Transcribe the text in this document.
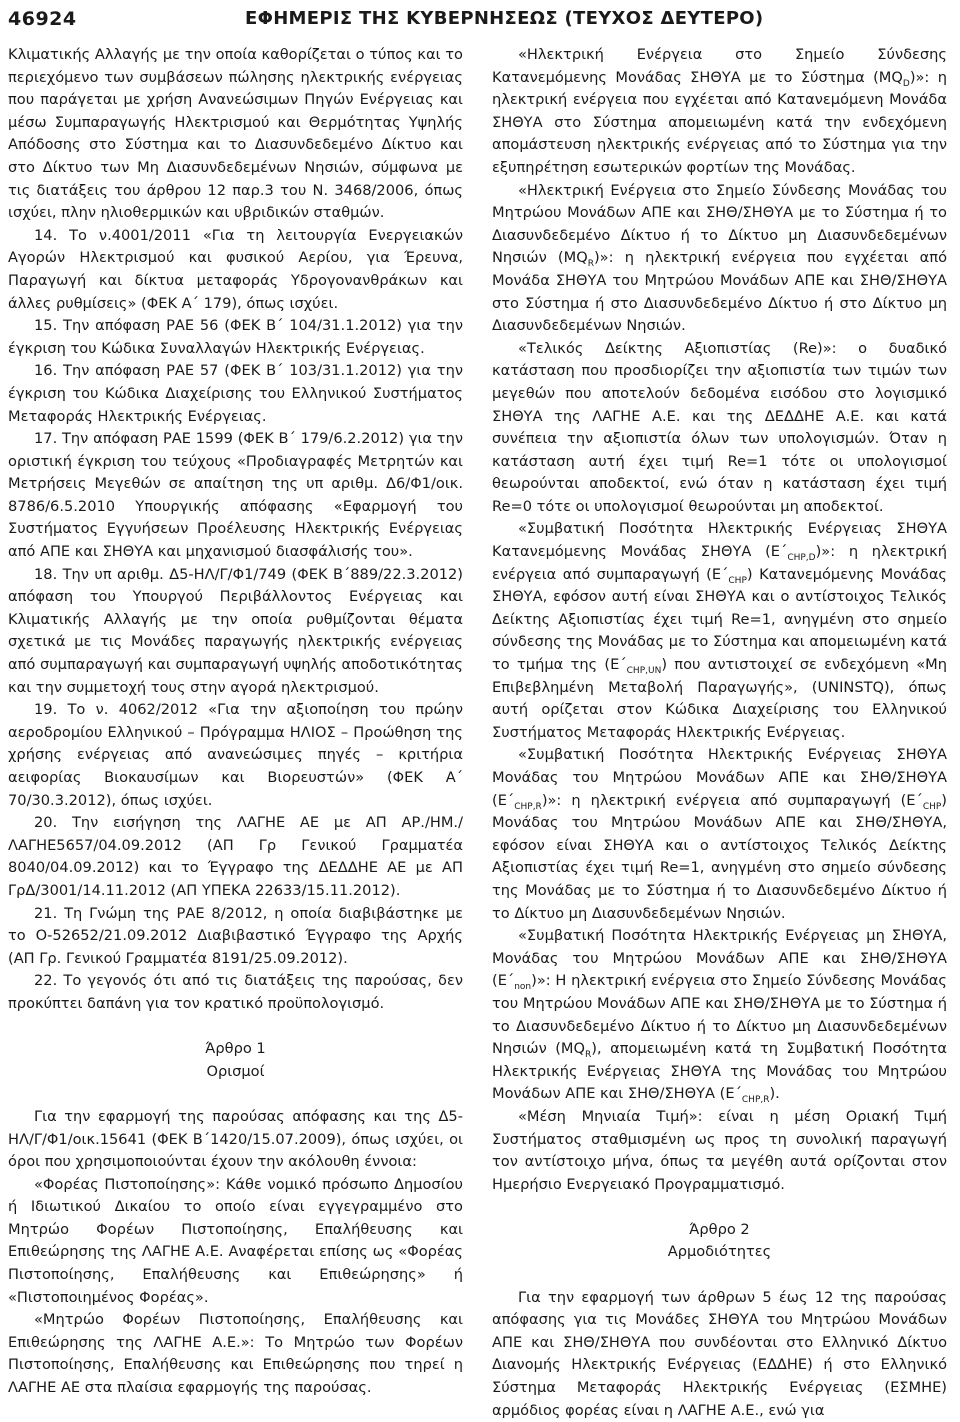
46924	ΕΦΗΜΕΡΙΣ ΤΗΣ ΚΥΒΕΡΝΗΣΕΩΣ (ΤΕΥΧΟΣ ΔΕΥΤΕΡΟ)

Κλιματικής Αλλαγής με την οποία καθορίζεται ο τύπος και το περιεχόμενο των συμβάσεων πώλησης ηλεκτρικής ενέργειας που παράγεται με χρήση Ανανεώσιμων Πηγών Ενέργειας και μέσω Συμπαραγωγής Ηλεκτρισμού και Θερμότητας Υψηλής Απόδοσης στο Σύστημα και το Διασυνδεδεμένο Δίκτυο και στο Δίκτυο των Μη Διασυνδεδεμένων Νησιών, σύμφωνα με τις διατάξεις του άρθρου 12 παρ.3 του Ν. 3468/2006, όπως ισχύει, πλην ηλιοθερμικών και υβριδικών σταθμών.

14. Το ν.4001/2011 «Για τη λειτουργία Ενεργειακών Αγορών Ηλεκτρισμού και φυσικού Αερίου, για Έρευνα, Παραγωγή και δίκτυα μεταφοράς Υδρογονανθράκων και άλλες ρυθμίσεις» (ΦΕΚ Α΄ 179), όπως ισχύει.

15. Την απόφαση ΡΑΕ 56 (ΦΕΚ Β΄ 104/31.1.2012) για την έγκριση του Κώδικα Συναλλαγών Ηλεκτρικής Ενέργειας.

16. Την απόφαση ΡΑΕ 57 (ΦΕΚ Β΄ 103/31.1.2012) για την έγκριση του Κώδικα Διαχείρισης του Ελληνικού Συστήματος Μεταφοράς Ηλεκτρικής Ενέργειας.

17. Την απόφαση ΡΑΕ 1599 (ΦΕΚ Β΄ 179/6.2.2012) για την οριστική έγκριση του τεύχους «Προδιαγραφές Μετρητών και Μετρήσεις Μεγεθών σε απαίτηση της υπ αριθμ. Δ6/Φ1/οικ. 8786/6.5.2010 Υπουργικής απόφασης «Εφαρμογή του Συστήματος Εγγυήσεων Προέλευσης Ηλεκτρικής Ενέργειας από ΑΠΕ και ΣΗΘΥΑ και μηχανισμού διασφάλισής του».

18. Την υπ αριθμ. Δ5-ΗΛ/Γ/Φ1/749 (ΦΕΚ Β΄889/22.3.2012) απόφαση του Υπουργού Περιβάλλοντος Ενέργειας και Κλιματικής Αλλαγής με την οποία ρυθμίζονται θέματα σχετικά με τις Μονάδες παραγωγής ηλεκτρικής ενέργειας από συμπαραγωγή και συμπαραγωγή υψηλής αποδοτικότητας και την συμμετοχή τους στην αγορά ηλεκτρισμού.

19. Το ν. 4062/2012 «Για την αξιοποίηση του πρώην αεροδρομίου Ελληνικού – Πρόγραμμα ΗΛΙΟΣ – Προώθηση της χρήσης ενέργειας από ανανεώσιμες πηγές – κριτήρια αειφορίας Βιοκαυσίμων και Βιορευστών» (ΦΕΚ Α΄ 70/30.3.2012), όπως ισχύει.

20. Την εισήγηση της ΛΑΓΗΕ ΑΕ με ΑΠ ΑΡ./ΗΜ./ ΛΑΓΗΕ5657/04.09.2012 (ΑΠ Γρ Γενικού Γραμματέα 8040/04.09.2012) και το Έγγραφο της ΔΕΔΔΗΕ ΑΕ με ΑΠ ΓρΔ/3001/14.11.2012 (ΑΠ ΥΠΕΚΑ 22633/15.11.2012).

21. Τη Γνώμη της ΡΑΕ 8/2012, η οποία διαβιβάστηκε με το Ο-52652/21.09.2012 Διαβιβαστικό Έγγραφο της Αρχής (ΑΠ Γρ. Γενικού Γραμματέα 8191/25.09.2012).

22. Το γεγονός ότι από τις διατάξεις της παρούσας, δεν προκύπτει δαπάνη για τον κρατικό προϋπολογισμό.

Άρθρο 1

Ορισμοί

Για την εφαρμογή της παρούσας απόφασης και της Δ5-ΗΛ/Γ/Φ1/οικ.15641 (ΦΕΚ Β΄1420/15.07.2009), όπως ισχύει, οι όροι που χρησιμοποιούνται έχουν την ακόλουθη έννοια:

«Φορέας Πιστοποίησης»: Κάθε νομικό πρόσωπο Δημοσίου ή Ιδιωτικού Δικαίου το οποίο είναι εγγεγραμμένο στο Μητρώο Φορέων Πιστοποίησης, Επαλήθευσης και Επιθεώρησης της ΛΑΓΗΕ Α.Ε. Αναφέρεται επίσης ως «Φορέας Πιστοποίησης, Επαλήθευσης και Επιθεώρησης» ή «Πιστοποιημένος Φορέας».

«Μητρώο Φορέων Πιστοποίησης, Επαλήθευσης και Επιθεώρησης της ΛΑΓΗΕ Α.Ε.»: Το Μητρώο των Φορέων Πιστοποίησης, Επαλήθευσης και Επιθεώρησης που τηρεί η ΛΑΓΗΕ ΑΕ στα πλαίσια εφαρμογής της παρούσας.

«Ηλεκτρική Ενέργεια στο Σημείο Σύνδεσης Κατανεμόμενης Μονάδας ΣΗΘΥΑ με το Σύστημα $(MQ_D)$»: η ηλεκτρική ενέργεια που εγχέεται από Κατανεμόμενη Μονάδα ΣΗΘΥΑ στο Σύστημα απομειωμένη κατά την ενδεχόμενη απομάστευση ηλεκτρικής ενέργειας από το Σύστημα για την εξυπηρέτηση εσωτερικών φορτίων της Μονάδας.

«Ηλεκτρική Ενέργεια στο Σημείο Σύνδεσης Μονάδας του Μητρώου Μονάδων ΑΠΕ και ΣΗΘ/ΣΗΘΥΑ με το Σύστημα ή το Διασυνδεδεμένο Δίκτυο ή το Δίκτυο μη Διασυνδεδεμένων Νησιών $(MQ_R)$»: η ηλεκτρική ενέργεια που εγχέεται από Μονάδα ΣΗΘΥΑ του Μητρώου Μονάδων ΑΠΕ και ΣΗΘ/ΣΗΘΥΑ στο Σύστημα ή στο Διασυνδεδεμένο Δίκτυο ή στο Δίκτυο μη Διασυνδεδεμένων Νησιών.

«Τελικός Δείκτης Αξιοπιστίας (Re)»: ο δυαδικό κατάσταση που προσδιορίζει την αξιοπιστία των τιμών των μεγεθών που αποτελούν δεδομένα εισόδου στο λογισμικό ΣΗΘΥΑ της ΛΑΓΗΕ Α.Ε. και της ΔΕΔΔΗΕ Α.Ε. και κατά συνέπεια την αξιοπιστία όλων των υπολογισμών. Όταν η κατάσταση αυτή έχει τιμή Re=1 τότε οι υπολογισμοί θεωρούνται αποδεκτοί, ενώ όταν η κατάσταση έχει τιμή Re=0 τότε οι υπολογισμοί θεωρούνται μη αποδεκτοί.

«Συμβατική Ποσότητα Ηλεκτρικής Ενέργειας ΣΗΘΥΑ Κατανεμόμενης Μονάδας ΣΗΘΥΑ $(E΄_{CHP,D})$»: η ηλεκτρική ενέργεια από συμπαραγωγή $(E΄_{CHP})$ Κατανεμόμενης Μονάδας ΣΗΘΥΑ, εφόσον αυτή είναι ΣΗΘΥΑ και ο αντίστοιχος Τελικός Δείκτης Αξιοπιστίας έχει τιμή Re=1, ανηγμένη στο σημείο σύνδεσης της Μονάδας με το Σύστημα και απομειωμένη κατά το τμήμα της $(E΄_{CHP,UN})$ που αντιστοιχεί σε ενδεχόμενη «Μη Επιβεβλημένη Μεταβολή Παραγωγής», (UNINSTQ), όπως αυτή ορίζεται στον Κώδικα Διαχείρισης του Ελληνικού Συστήματος Μεταφοράς Ηλεκτρικής Ενέργειας.

«Συμβατική Ποσότητα Ηλεκτρικής Ενέργειας ΣΗΘΥΑ Μονάδας του Μητρώου Μονάδων ΑΠΕ και ΣΗΘ/ΣΗΘΥΑ $(E΄_{CHP,R})$»: η ηλεκτρική ενέργεια από συμπαραγωγή $(E΄_{CHP})$ Μονάδας του Μητρώου Μονάδων ΑΠΕ και ΣΗΘ/ΣΗΘΥΑ, εφόσον είναι ΣΗΘΥΑ και ο αντίστοιχος Τελικός Δείκτης Αξιοπιστίας έχει τιμή Re=1, ανηγμένη στο σημείο σύνδεσης της Μονάδας με το Σύστημα ή το Διασυνδεδεμένο Δίκτυο ή το Δίκτυο μη Διασυνδεδεμένων Νησιών.

«Συμβατική Ποσότητα Ηλεκτρικής Ενέργειας μη ΣΗΘΥΑ, Μονάδας του Μητρώου Μονάδων ΑΠΕ και ΣΗΘ/ΣΗΘΥΑ $(E΄_{non})$»: Η ηλεκτρική ενέργεια στο Σημείο Σύνδεσης Μονάδας του Μητρώου Μονάδων ΑΠΕ και ΣΗΘ/ΣΗΘΥΑ με το Σύστημα ή το Διασυνδεδεμένο Δίκτυο ή το Δίκτυο μη Διασυνδεδεμένων Νησιών $(MQ_R)$, απομειωμένη κατά τη Συμβατική Ποσότητα Ηλεκτρικής Ενέργειας ΣΗΘΥΑ της Μονάδας του Μητρώου Μονάδων ΑΠΕ και ΣΗΘ/ΣΗΘΥΑ $(E΄_{CHP,R})$.

«Μέση Μηνιαία Τιμή»: είναι η μέση Οριακή Τιμή Συστήματος σταθμισμένη ως προς τη συνολική παραγωγή τον αντίστοιχο μήνα, όπως τα μεγέθη αυτά ορίζονται στον Ημερήσιο Ενεργειακό Προγραμματισμό.

Άρθρο 2

Αρμοδιότητες

Για την εφαρμογή των άρθρων 5 έως 12 της παρούσας απόφασης για τις Μονάδες ΣΗΘΥΑ του Μητρώου Μονάδων ΑΠΕ και ΣΗΘ/ΣΗΘΥΑ που συνδέονται στο Ελληνικό Δίκτυο Διανομής Ηλεκτρικής Ενέργειας (ΕΔΔΗΕ) ή στο Ελληνικό Σύστημα Μεταφοράς Ηλεκτρικής Ενέργειας (ΕΣΜΗΕ) αρμόδιος φορέας είναι η ΛΑΓΗΕ Α.Ε., ενώ για
